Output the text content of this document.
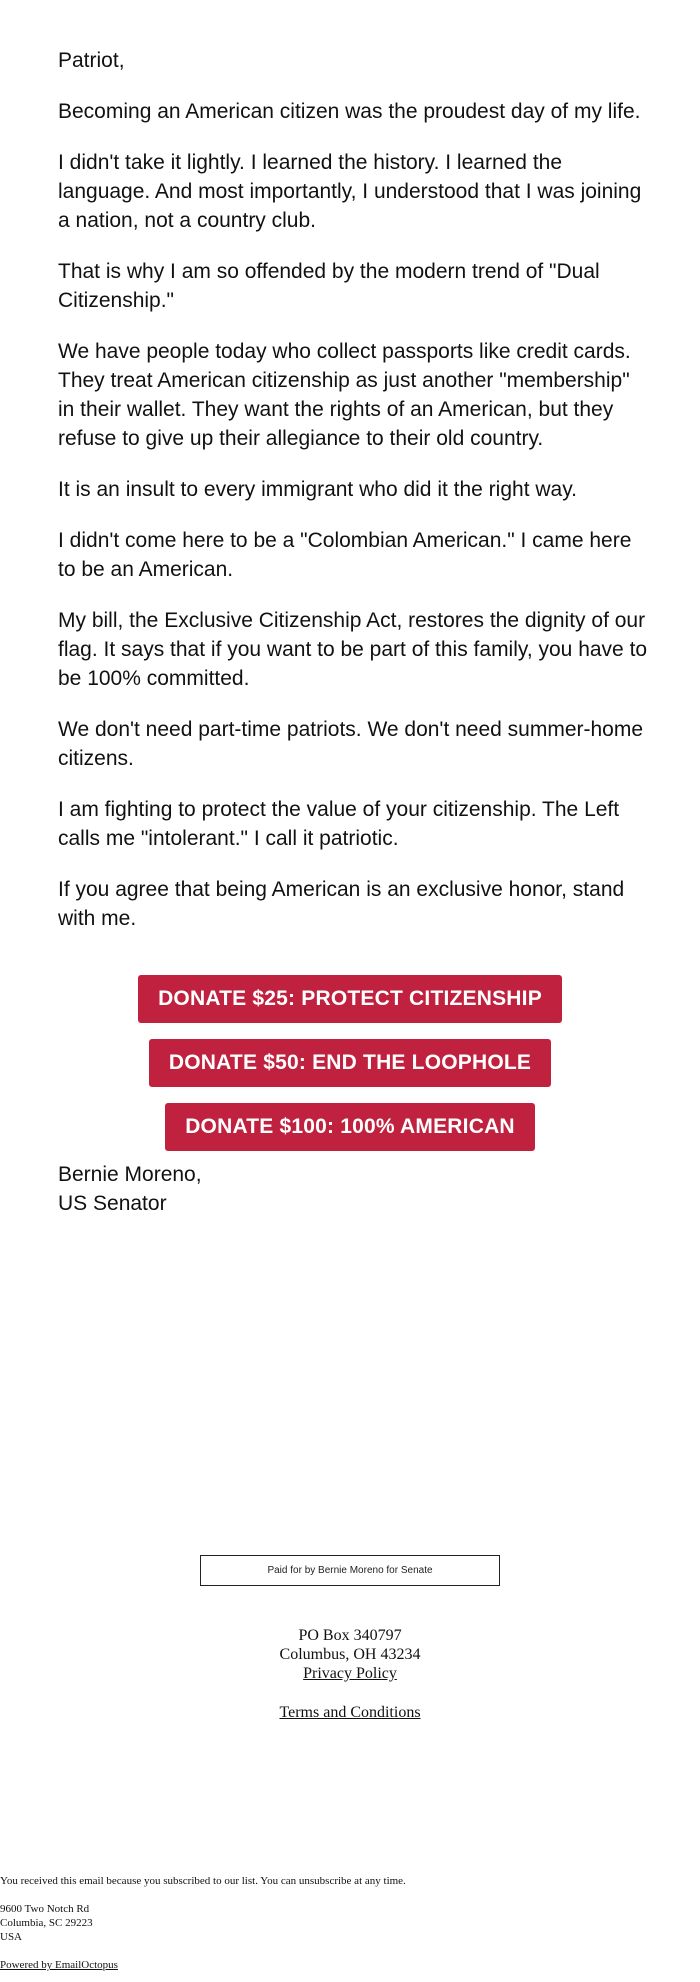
Patriot,

Becoming an American citizen was the proudest day of my life.

I didn't take it lightly. I learned the history. I learned the language. And most importantly, I understood that I was joining a nation, not a country club.

That is why I am so offended by the modern trend of "Dual Citizenship."

We have people today who collect passports like credit cards. They treat American citizenship as just another "membership" in their wallet. They want the rights of an American, but they refuse to give up their allegiance to their old country.

It is an insult to every immigrant who did it the right way.

I didn't come here to be a "Colombian American." I came here to be an American.

My bill, the Exclusive Citizenship Act, restores the dignity of our flag. It says that if you want to be part of this family, you have to be 100% committed.

We don't need part-time patriots. We don't need summer-home citizens.

I am fighting to protect the value of your citizenship. The Left calls me "intolerant." I call it patriotic.

If you agree that being American is an exclusive honor, stand with me.

DONATE $25: PROTECT CITIZENSHIP
DONATE $50: END THE LOOPHOLE
DONATE $100: 100% AMERICAN
Bernie Moreno,
US Senator
Paid for by Bernie Moreno for Senate
PO Box 340797
Columbus, OH 43234
Privacy Policy
Terms and Conditions
You received this email because you subscribed to our list. You can unsubscribe at any time.
9600 Two Notch Rd
Columbia, SC 29223
USA
Powered by EmailOctopus
